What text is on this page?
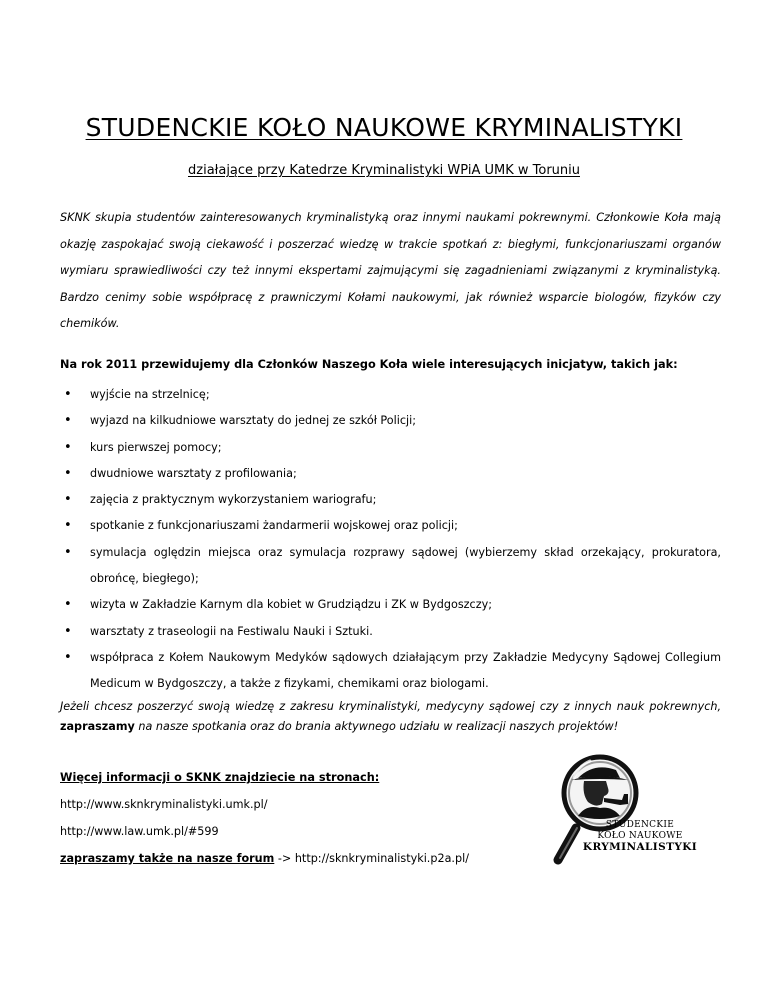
STUDENCKIE KOŁO NAUKOWE KRYMINALISTYKI
działające przy Katedrze Kryminalistyki WPiA UMK w Toruniu

SKNK skupia studentów zainteresowanych kryminalistyką oraz innymi naukami pokrewnymi. Członkowie Koła mają okazję zaspokajać swoją ciekawość i poszerzać wiedzę w trakcie spotkań z: biegłymi, funkcjonariuszami organów wymiaru sprawiedliwości czy też innymi ekspertami zajmującymi się zagadnieniami związanymi z kryminalistyką. Bardzo cenimy sobie współpracę z prawniczymi Kołami naukowymi, jak również wsparcie biologów, fizyków czy chemików.

Na rok 2011 przewidujemy dla Członków Naszego Koła wiele interesujących inicjatyw, takich jak:

• wyjście na strzelnicę;
• wyjazd na kilkudniowe warsztaty do jednej ze szkół Policji;
• kurs pierwszej pomocy;
• dwudniowe warsztaty z profilowania;
• zajęcia z praktycznym wykorzystaniem wariografu;
• spotkanie z funkcjonariuszami żandarmerii wojskowej oraz policji;
• symulacja oględzin miejsca oraz symulacja rozprawy sądowej (wybierzemy skład orzekający, prokuratora, obrońcę, biegłego);
• wizyta w Zakładzie Karnym dla kobiet w Grudziądzu i ZK w Bydgoszczy;
• warsztaty z traseologii na Festiwalu Nauki i Sztuki.
• współpraca z Kołem Naukowym Medyków sądowych działającym przy Zakładzie Medycyny Sądowej Collegium Medicum w Bydgoszczy, a także z fizykami, chemikami oraz biologami.

Jeżeli chcesz poszerzyć swoją wiedzę z zakresu kryminalistyki, medycyny sądowej czy z innych nauk pokrewnych, zapraszamy na nasze spotkania oraz do brania aktywnego udziału w realizacji naszych projektów!

Więcej informacji o SKNK znajdziecie na stronach:
http://www.sknkryminalistyki.umk.pl/
http://www.law.umk.pl/#599
zapraszamy także na nasze forum -> http://sknkryminalistyki.p2a.pl/
STUDENCKIE
KOŁO NAUKOWE
KRYMINALISTYKI
